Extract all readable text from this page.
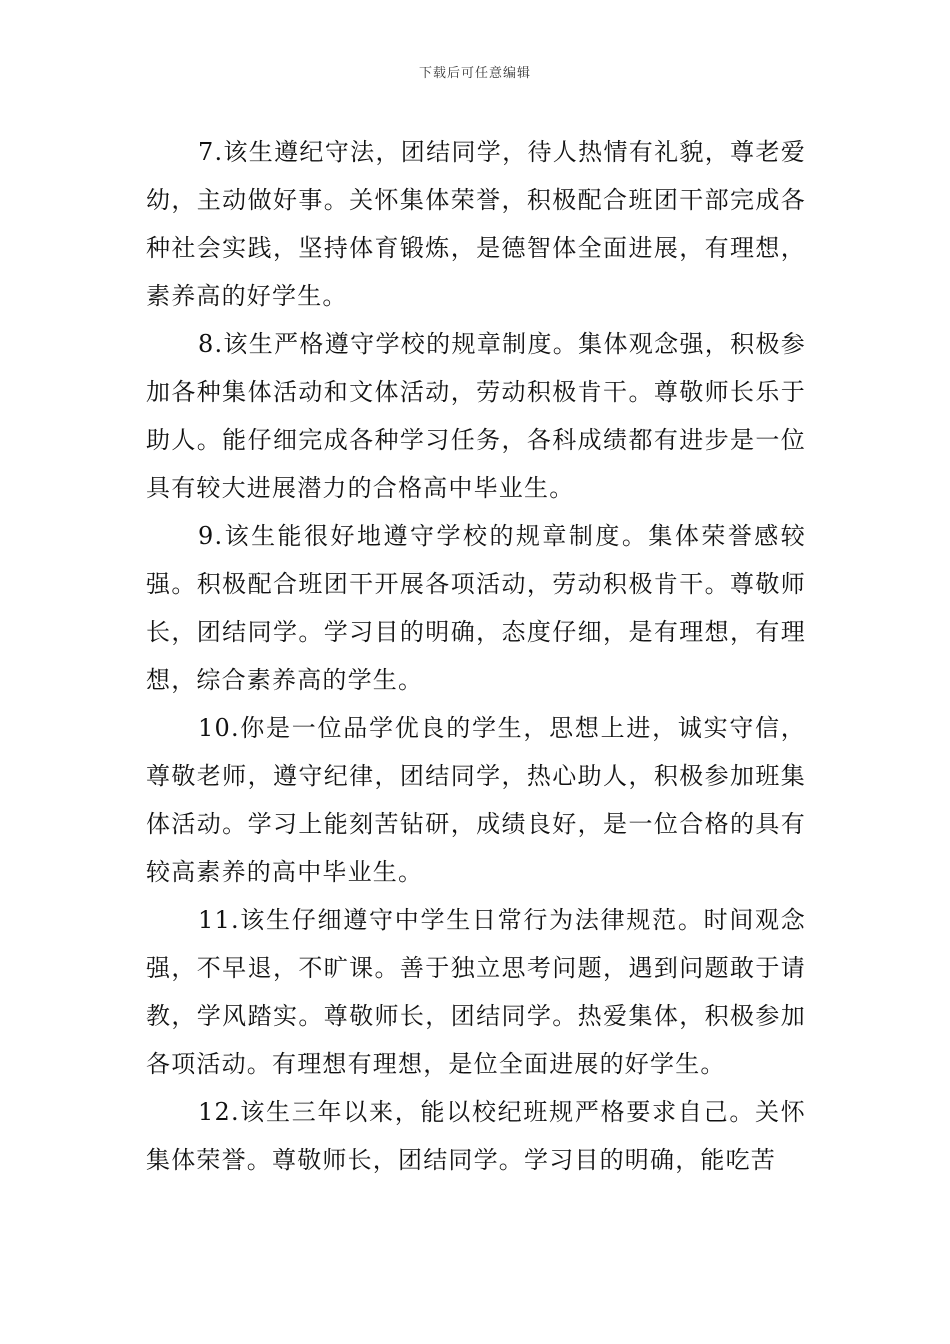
下载后可任意编辑

7.该生遵纪守法，团结同学，待人热情有礼貌，尊老爱幼，主动做好事。关怀集体荣誉，积极配合班团干部完成各种社会实践，坚持体育锻炼，是德智体全面进展，有理想，素养高的好学生。

8.该生严格遵守学校的规章制度。集体观念强，积极参加各种集体活动和文体活动，劳动积极肯干。尊敬师长乐于助人。能仔细完成各种学习任务，各科成绩都有进步是一位具有较大进展潜力的合格高中毕业生。

9.该生能很好地遵守学校的规章制度。集体荣誉感较强。积极配合班团干开展各项活动，劳动积极肯干。尊敬师长，团结同学。学习目的明确，态度仔细，是有理想，有理想，综合素养高的学生。

10.你是一位品学优良的学生，思想上进，诚实守信，尊敬老师，遵守纪律，团结同学，热心助人，积极参加班集体活动。学习上能刻苦钻研，成绩良好，是一位合格的具有较高素养的高中毕业生。

11.该生仔细遵守中学生日常行为法律规范。时间观念强，不早退，不旷课。善于独立思考问题，遇到问题敢于请教，学风踏实。尊敬师长，团结同学。热爱集体，积极参加各项活动。有理想有理想，是位全面进展的好学生。

12.该生三年以来，能以校纪班规严格要求自己。关怀集体荣誉。尊敬师长，团结同学。学习目的明确，能吃苦
